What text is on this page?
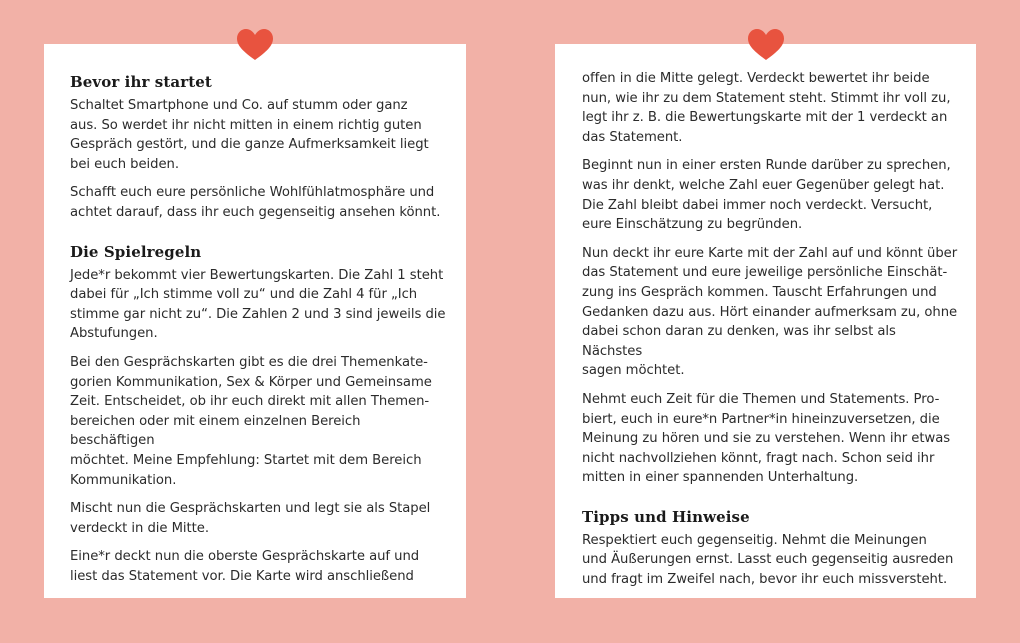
Bevor ihr startet

Schaltet Smartphone und Co. auf stumm oder ganz
aus. So werdet ihr nicht mitten in einem richtig guten
Gespräch gestört, und die ganze Aufmerksamkeit liegt
bei euch beiden.

Schafft euch eure persönliche Wohlfühlatmosphäre und
achtet darauf, dass ihr euch gegenseitig ansehen könnt.

Die Spielregeln

Jede*r bekommt vier Bewertungskarten. Die Zahl 1 steht
dabei für „Ich stimme voll zu“ und die Zahl 4 für „Ich
stimme gar nicht zu“. Die Zahlen 2 und 3 sind jeweils die
Abstufungen.

Bei den Gesprächskarten gibt es die drei Themenkate-
gorien Kommunikation, Sex & Körper und Gemeinsame
Zeit. Entscheidet, ob ihr euch direkt mit allen Themen-
bereichen oder mit einem einzelnen Bereich beschäftigen
möchtet. Meine Empfehlung: Startet mit dem Bereich
Kommunikation.

Mischt nun die Gesprächskarten und legt sie als Stapel
verdeckt in die Mitte.

Eine*r deckt nun die oberste Gesprächskarte auf und
liest das Statement vor. Die Karte wird anschließend

offen in die Mitte gelegt. Verdeckt bewertet ihr beide
nun, wie ihr zu dem Statement steht. Stimmt ihr voll zu,
legt ihr z. B. die Bewertungskarte mit der 1 verdeckt an
das Statement.

Beginnt nun in einer ersten Runde darüber zu sprechen,
was ihr denkt, welche Zahl euer Gegenüber gelegt hat.
Die Zahl bleibt dabei immer noch verdeckt. Versucht,
eure Einschätzung zu begründen.

Nun deckt ihr eure Karte mit der Zahl auf und könnt über
das Statement und eure jeweilige persönliche Einschät-
zung ins Gespräch kommen. Tauscht Erfahrungen und
Gedanken dazu aus. Hört einander aufmerksam zu, ohne
dabei schon daran zu denken, was ihr selbst als Nächstes
sagen möchtet.

Nehmt euch Zeit für die Themen und Statements. Pro-
biert, euch in eure*n Partner*in hineinzuversetzen, die
Meinung zu hören und sie zu verstehen. Wenn ihr etwas
nicht nachvollziehen könnt, fragt nach. Schon seid ihr
mitten in einer spannenden Unterhaltung.

Tipps und Hinweise

Respektiert euch gegenseitig. Nehmt die Meinungen
und Äußerungen ernst. Lasst euch gegenseitig ausreden
und fragt im Zweifel nach, bevor ihr euch missversteht.
